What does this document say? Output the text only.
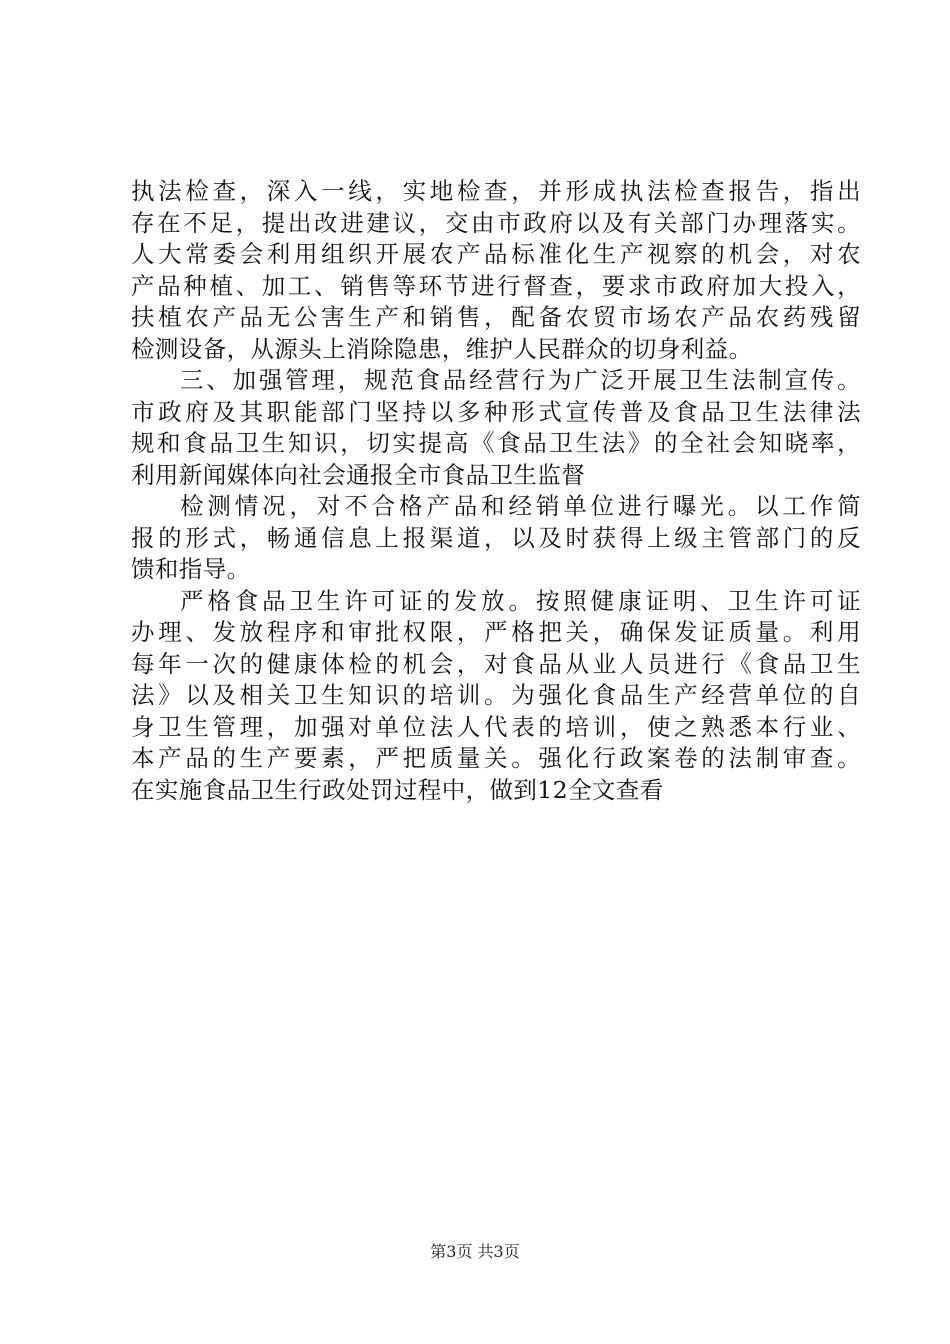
执法检查，深入一线，实地检查，并形成执法检查报告，指出
存在不足，提出改进建议，交由市政府以及有关部门办理落实。
人大常委会利用组织开展农产品标准化生产视察的机会，对农
产品种植、加工、销售等环节进行督查，要求市政府加大投入，
扶植农产品无公害生产和销售，配备农贸市场农产品农药残留
检测设备，从源头上消除隐患，维护人民群众的切身利益。
三、加强管理，规范食品经营行为广泛开展卫生法制宣传。
市政府及其职能部门坚持以多种形式宣传普及食品卫生法律法
规和食品卫生知识，切实提高《食品卫生法》的全社会知晓率，
利用新闻媒体向社会通报全市食品卫生监督
检测情况，对不合格产品和经销单位进行曝光。以工作简
报的形式，畅通信息上报渠道，以及时获得上级主管部门的反
馈和指导。
严格食品卫生许可证的发放。按照健康证明、卫生许可证
办理、发放程序和审批权限，严格把关，确保发证质量。利用
每年一次的健康体检的机会，对食品从业人员进行《食品卫生
法》以及相关卫生知识的培训。为强化食品生产经营单位的自
身卫生管理，加强对单位法人代表的培训，使之熟悉本行业、
本产品的生产要素，严把质量关。强化行政案卷的法制审查。
在实施食品卫生行政处罚过程中，做到12全文查看
第3页 共3页
